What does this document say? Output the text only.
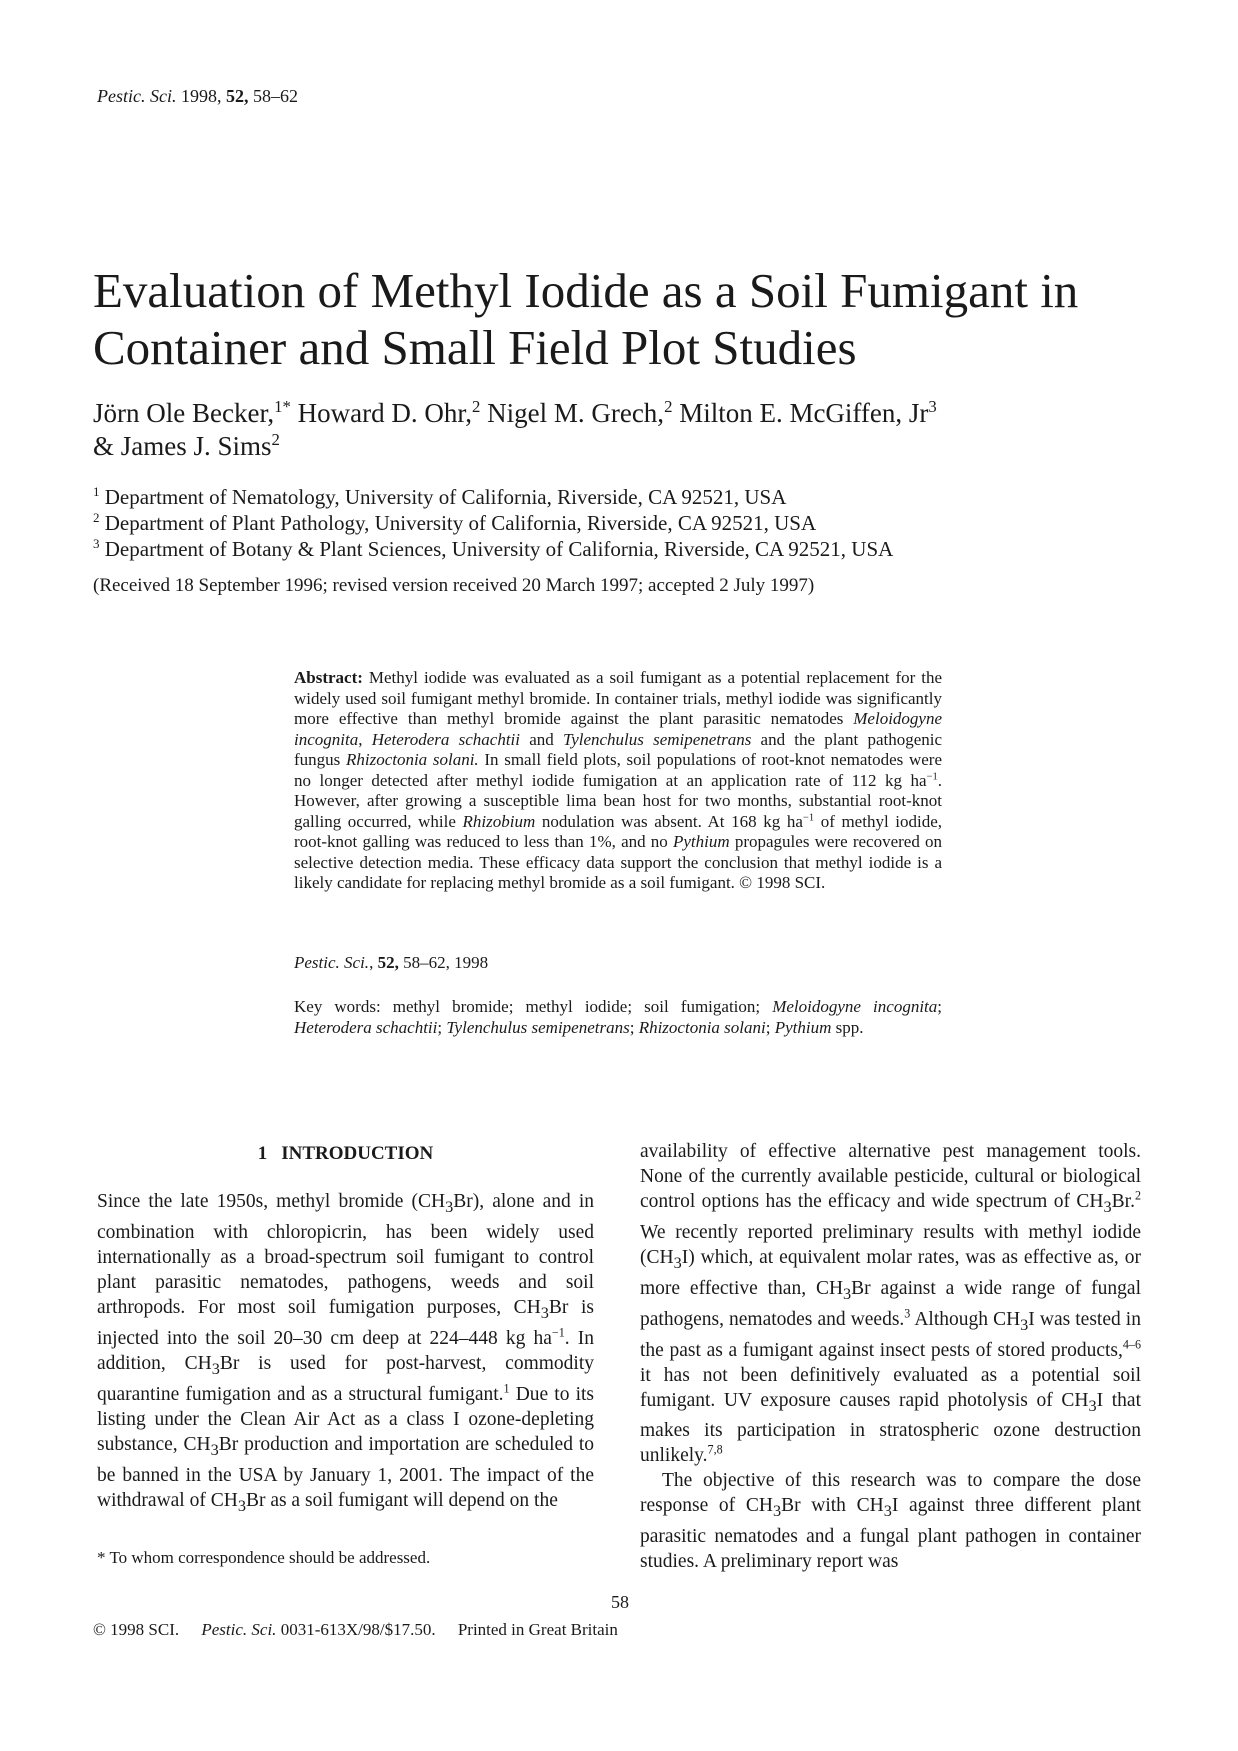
Pestic. Sci. 1998, 52, 58–62
Evaluation of Methyl Iodide as a Soil Fumigant in Container and Small Field Plot Studies
Jörn Ole Becker,$^{1*}$ Howard D. Ohr,$^2$ Nigel M. Grech,$^2$ Milton E. McGiffen, Jr$^3$
& James J. Sims$^2$
$^1$ Department of Nematology, University of California, Riverside, CA 92521, USA
$^2$ Department of Plant Pathology, University of California, Riverside, CA 92521, USA
$^3$ Department of Botany & Plant Sciences, University of California, Riverside, CA 92521, USA
(Received 18 September 1996; revised version received 20 March 1997; accepted 2 July 1997)
Abstract: Methyl iodide was evaluated as a soil fumigant as a potential replacement for the widely used soil fumigant methyl bromide. In container trials, methyl iodide was significantly more effective than methyl bromide against the plant parasitic nematodes Meloidogyne incognita, Heterodera schachtii and Tylenchulus semipenetrans and the plant pathogenic fungus Rhizoctonia solani. In small field plots, soil populations of root-knot nematodes were no longer detected after methyl iodide fumigation at an application rate of 112 kg $ha^{-1}$. However, after growing a susceptible lima bean host for two months, substantial root-knot galling occurred, while Rhizobium nodulation was absent. At 168 kg $ha^{-1}$ of methyl iodide, root-knot galling was reduced to less than 1%, and no Pythium propagules were recovered on selective detection media. These efficacy data support the conclusion that methyl iodide is a likely candidate for replacing methyl bromide as a soil fumigant. © 1998 SCI.
Pestic. Sci., 52, 58–62, 1998
Key words: methyl bromide; methyl iodide; soil fumigation; Meloidogyne incognita; Heterodera schachtii; Tylenchulus semipenetrans; Rhizoctonia solani; Pythium spp.
1 INTRODUCTION

Since the late 1950s, methyl bromide $(CH_3Br)$, alone and in combination with chloropicrin, has been widely used internationally as a broad-spectrum soil fumigant to control plant parasitic nematodes, pathogens, weeds and soil arthropods. For most soil fumigation purposes, $CH_3Br$ is injected into the soil 20–30 cm deep at 224–448 kg $ha^{-1}$. In addition, $CH_3Br$ is used for post-harvest, commodity quarantine fumigation and as a structural fumigant.$^1$ Due to its listing under the Clean Air Act as a class I ozone-depleting substance, $CH_3Br$ production and importation are scheduled to be banned in the USA by January 1, 2001. The impact of the withdrawal of $CH_3Br$ as a soil fumigant will depend on the

availability of effective alternative pest management tools. None of the currently available pesticide, cultural or biological control options has the efficacy and wide spectrum of $CH_3Br.^2$ We recently reported preliminary results with methyl iodide $(CH_3I)$ which, at equivalent molar rates, was as effective as, or more effective than, $CH_3Br$ against a wide range of fungal pathogens, nematodes and weeds.$^3$ Although $CH_3I$ was tested in the past as a fumigant against insect pests of stored products,$^{4-6}$ it has not been definitively evaluated as a potential soil fumigant. UV exposure causes rapid photolysis of $CH_3I$ that makes its participation in stratospheric ozone destruction unlikely.$^{7,8}$

The objective of this research was to compare the dose response of $CH_3Br$ with $CH_3I$ against three different plant parasitic nematodes and a fungal plant pathogen in container studies. A preliminary report was

* To whom correspondence should be addressed.
58
© 1998 SCI. Pestic. Sci. 0031-613X/98/$17.50. Printed in Great Britain
